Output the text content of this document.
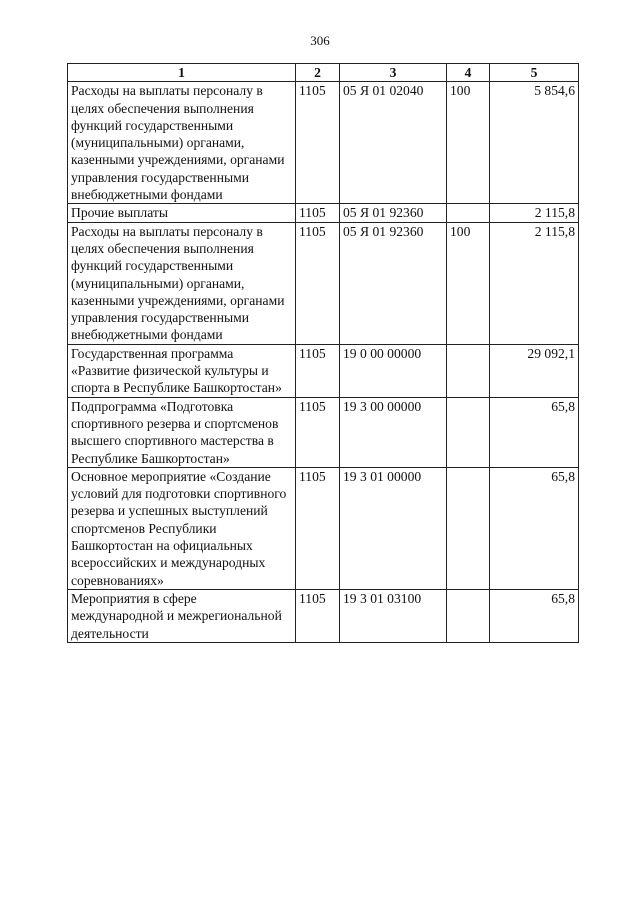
306
1	2	3	4	5
Расходы на выплаты персоналу в целях обеспечения выполнения функций государственными (муниципальными) органами, казенными учреждениями, органами управления государственными внебюджетными фондами	1105	05 Я 01 02040	100	5 854,6
Прочие выплаты	1105	05 Я 01 92360		2 115,8
Расходы на выплаты персоналу в целях обеспечения выполнения функций государственными (муниципальными) органами, казенными учреждениями, органами управления государственными внебюджетными фондами	1105	05 Я 01 92360	100	2 115,8
Государственная программа «Развитие физической культуры и спорта в Республике Башкортостан»	1105	19 0 00 00000		29 092,1
Подпрограмма «Подготовка спортивного резерва и спортсменов высшего спортивного мастерства в Республике Башкортостан»	1105	19 3 00 00000		65,8
Основное мероприятие «Создание условий для подготовки спортивного резерва и успешных выступлений спортсменов Республики Башкортостан на официальных всероссийских и международных соревнованиях»	1105	19 3 01 00000		65,8
Мероприятия в сфере международной и межрегиональной деятельности	1105	19 3 01 03100		65,8
